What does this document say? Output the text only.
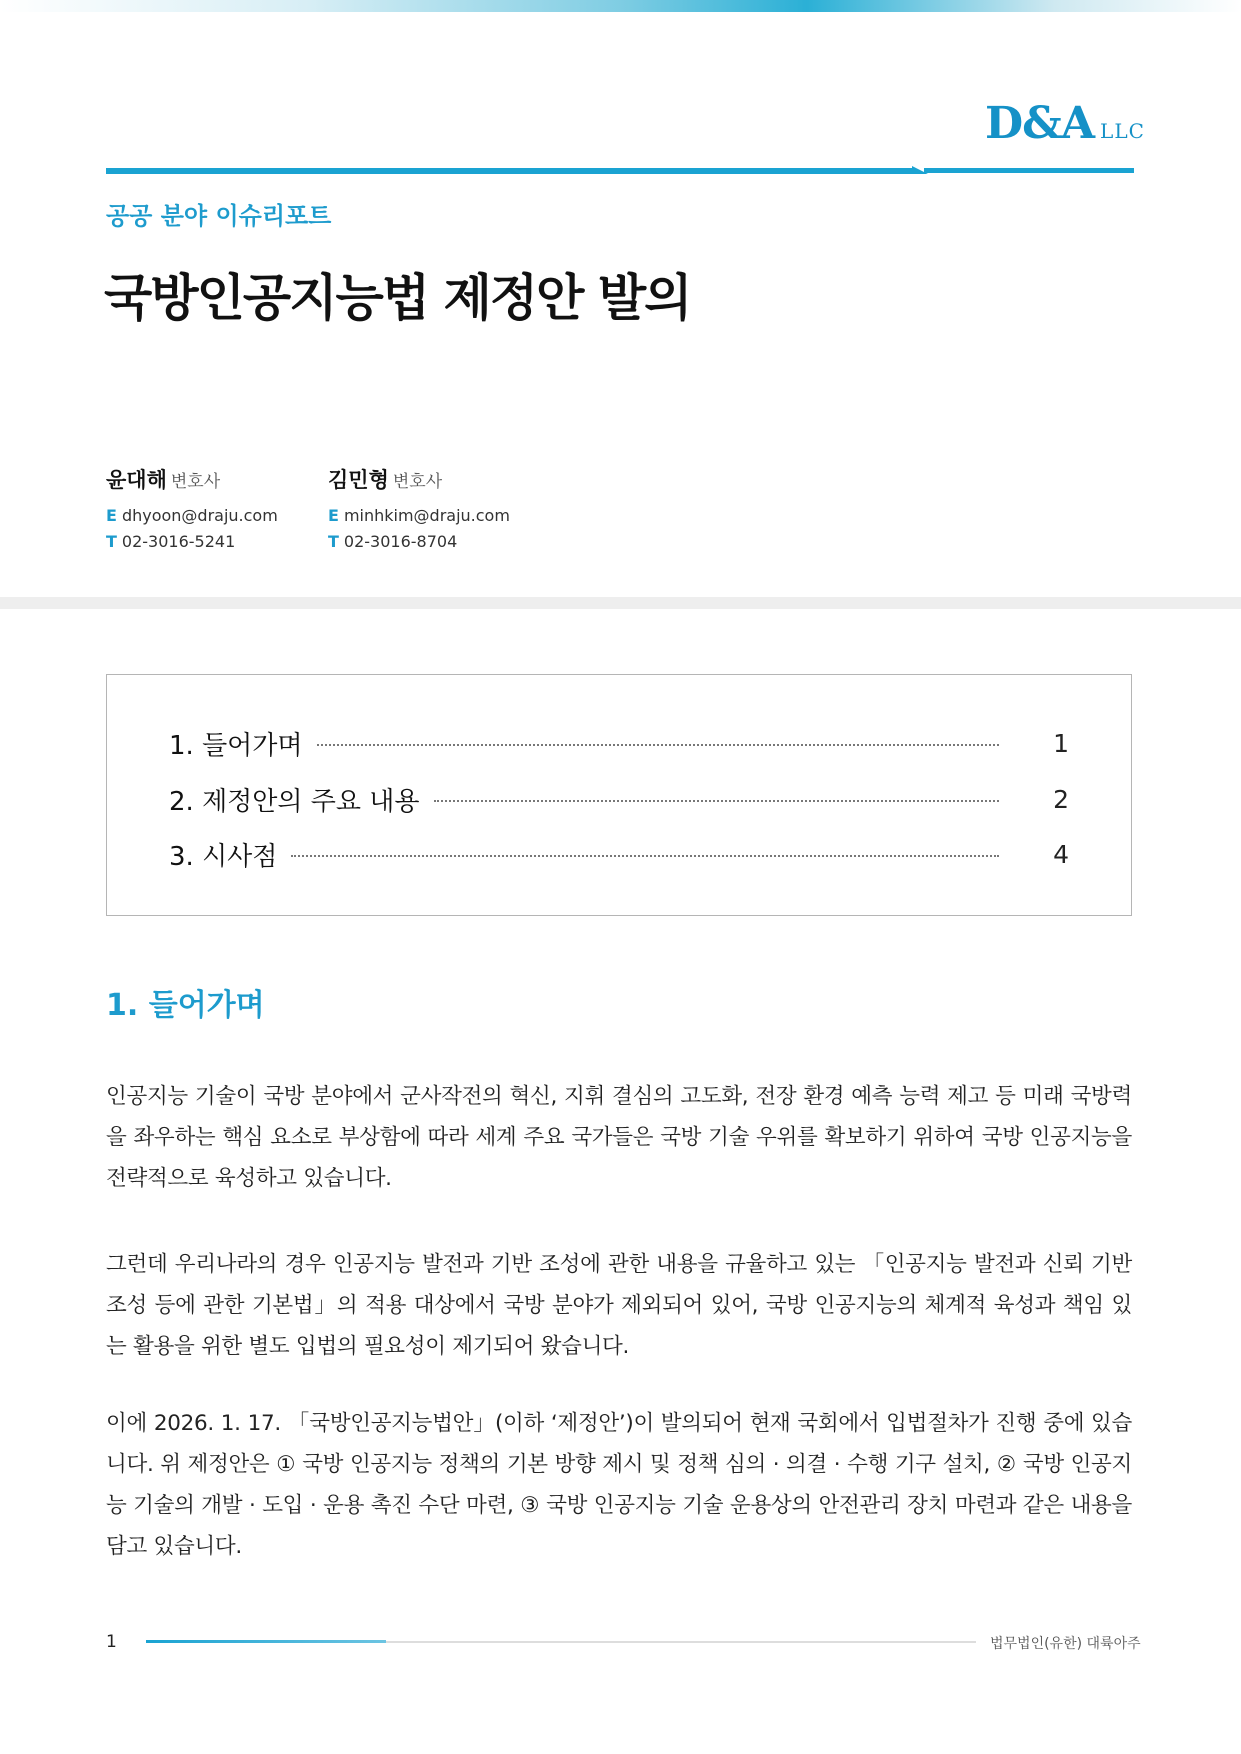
D&A LLC
공공 분야 이슈리포트
국방인공지능법 제정안 발의
윤대해 변호사
E dhyoon@draju.com
T 02-3016-5241
김민형 변호사
E minhkim@draju.com
T 02-3016-8704
1. 들어가며	1
2. 제정안의 주요 내용	2
3. 시사점	4
1. 들어가며

인공지능 기술이 국방 분야에서 군사작전의 혁신, 지휘 결심의 고도화, 전장 환경 예측 능력 제고 등 미래 국방력을 좌우하는 핵심 요소로 부상함에 따라 세계 주요 국가들은 국방 기술 우위를 확보하기 위하여 국방 인공지능을 전략적으로 육성하고 있습니다.

그런데 우리나라의 경우 인공지능 발전과 기반 조성에 관한 내용을 규율하고 있는 「인공지능 발전과 신뢰 기반 조성 등에 관한 기본법」의 적용 대상에서 국방 분야가 제외되어 있어, 국방 인공지능의 체계적 육성과 책임 있는 활용을 위한 별도 입법의 필요성이 제기되어 왔습니다.

이에 2026. 1. 17. 「국방인공지능법안」(이하 ‘제정안’)이 발의되어 현재 국회에서 입법절차가 진행 중에 있습니다. 위 제정안은 ① 국방 인공지능 정책의 기본 방향 제시 및 정책 심의 · 의결 · 수행 기구 설치, ② 국방 인공지능 기술의 개발 · 도입 · 운용 촉진 수단 마련, ③ 국방 인공지능 기술 운용상의 안전관리 장치 마련과 같은 내용을 담고 있습니다.

1	법무법인(유한) 대륙아주
